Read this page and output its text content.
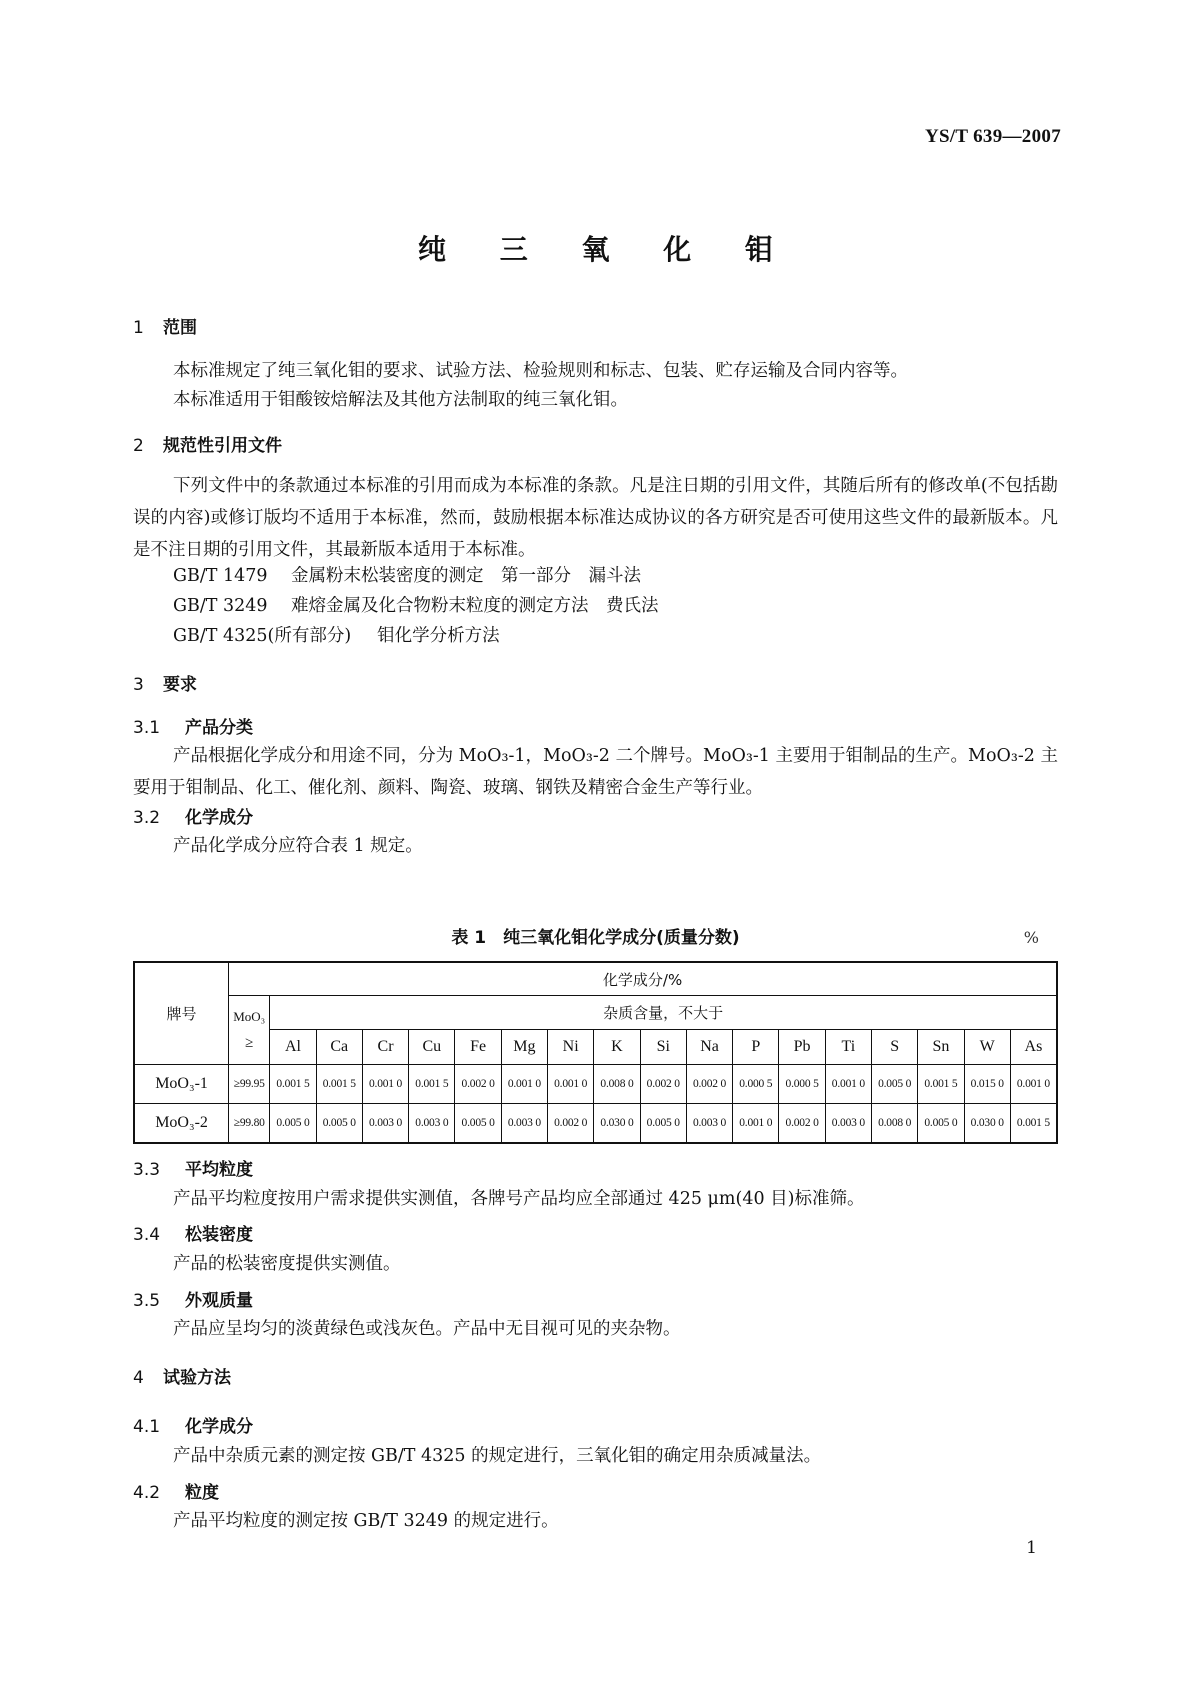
YS/T 639—2007
纯 三 氧 化 钼
1 范围
本标准规定了纯三氧化钼的要求、试验方法、检验规则和标志、包装、贮存运输及合同内容等。
本标准适用于钼酸铵焙解法及其他方法制取的纯三氧化钼。
2 规范性引用文件
下列文件中的条款通过本标准的引用而成为本标准的条款。凡是注日期的引用文件，其随后所有的修改单(不包括勘误的内容)或修订版均不适用于本标准，然而，鼓励根据本标准达成协议的各方研究是否可使用这些文件的最新版本。凡是不注日期的引用文件，其最新版本适用于本标准。
GB/T 1479 金属粉末松装密度的测定　第一部分　漏斗法
GB/T 3249 难熔金属及化合物粉末粒度的测定方法　费氏法
GB/T 4325(所有部分) 钼化学分析方法
3 要求
3.1 产品分类
产品根据化学成分和用途不同，分为 MoO₃-1，MoO₃-2 二个牌号。MoO₃-1 主要用于钼制品的生产。MoO₃-2 主要用于钼制品、化工、催化剂、颜料、陶瓷、玻璃、钢铁及精密合金生产等行业。
3.2 化学成分
产品化学成分应符合表 1 规定。
表 1　纯三氧化钼化学成分(质量分数)	%
牌号	化学成分/%																	

	MoO₃
≥	杂质含量，不大于																
		Al	Ca	Cr	Cu	Fe	Mg	Ni	K	Si	Na	P	Pb	Ti	S	Sn	W	As
MoO₃-1	≥99.95	0.001 5	0.001 5	0.001 0	0.001 5	0.002 0	0.001 0	0.001 0	0.008 0	0.002 0	0.002 0	0.000 5	0.000 5	0.001 0	0.005 0	0.001 5	0.015 0	0.001 0
MoO₃-2	≥99.80	0.005 0	0.005 0	0.003 0	0.003 0	0.005 0	0.003 0	0.002 0	0.030 0	0.005 0	0.003 0	0.001 0	0.002 0	0.003 0	0.008 0	0.005 0	0.030 0	0.001 5
3.3 平均粒度
产品平均粒度按用户需求提供实测值，各牌号产品均应全部通过 425 μm(40 目)标准筛。
3.4 松装密度
产品的松装密度提供实测值。
3.5 外观质量
产品应呈均匀的淡黄绿色或浅灰色。产品中无目视可见的夹杂物。
4 试验方法
4.1 化学成分
产品中杂质元素的测定按 GB/T 4325 的规定进行，三氧化钼的确定用杂质减量法。
4.2 粒度
产品平均粒度的测定按 GB/T 3249 的规定进行。
1
